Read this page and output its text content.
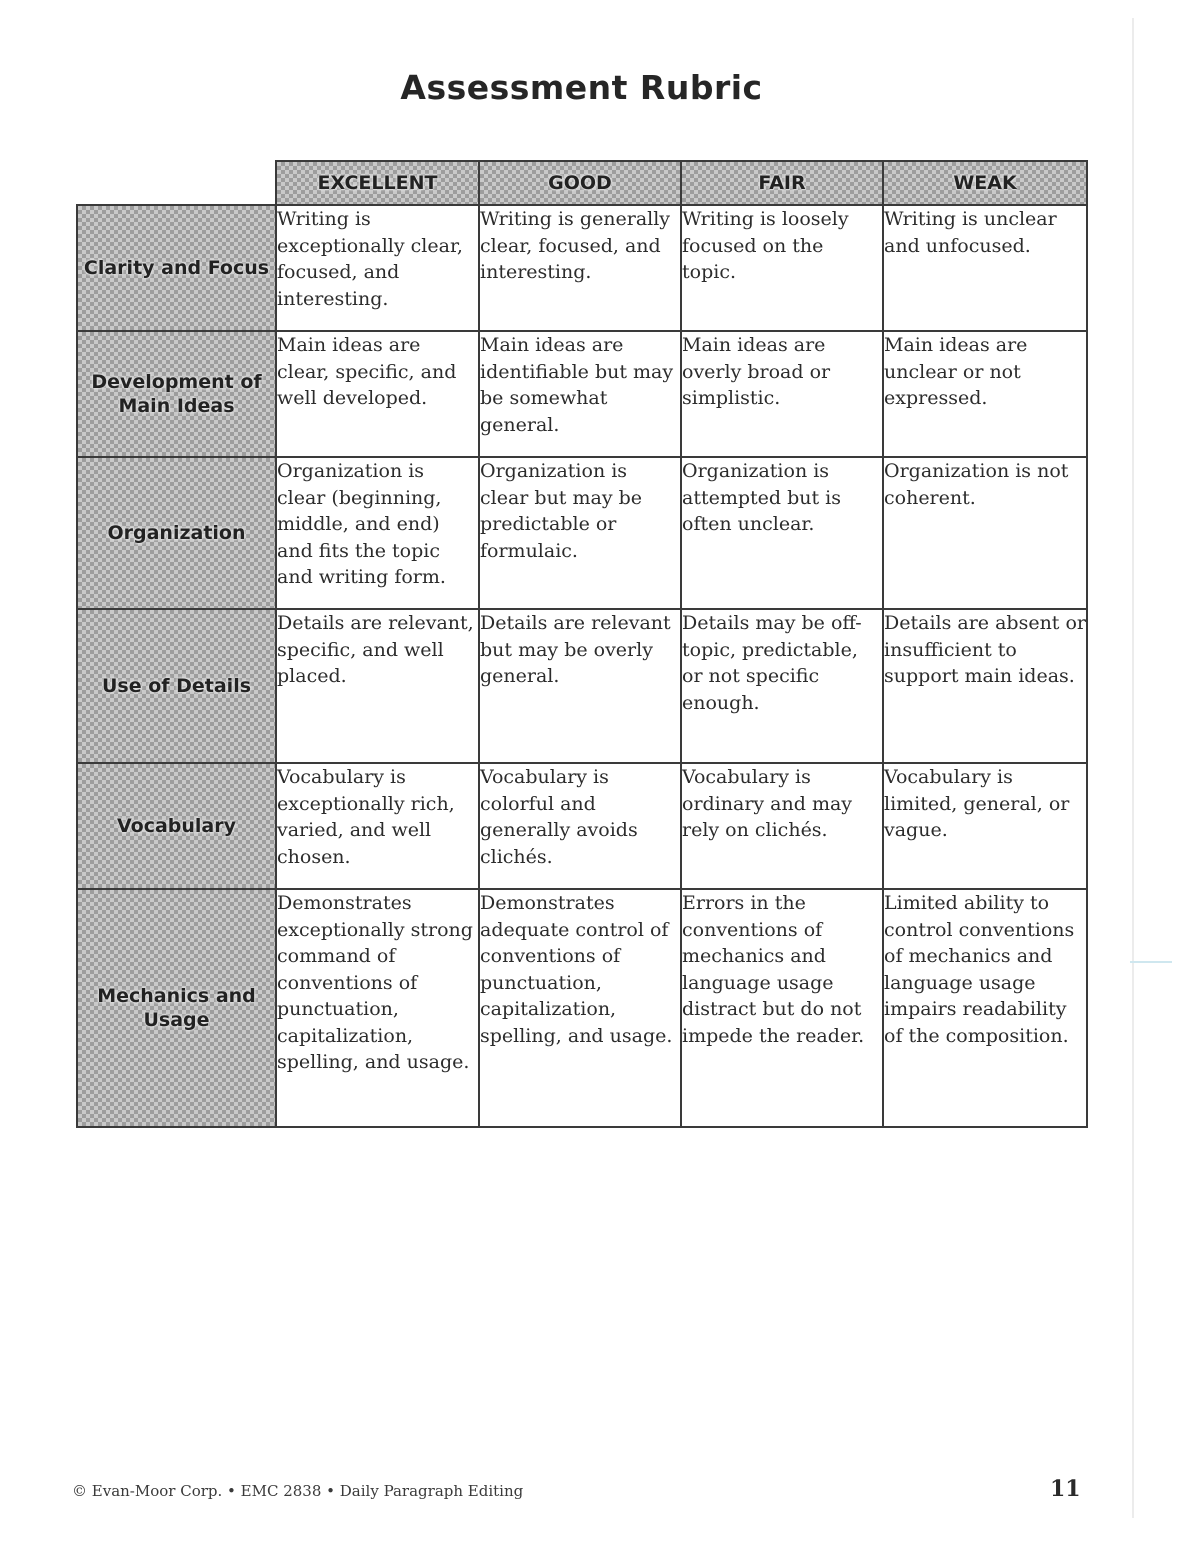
Assessment Rubric
	EXCELLENT	GOOD	FAIR	WEAK
Clarity and Focus	Writing is exceptionally clear, focused, and interesting.	Writing is generally clear, focused, and interesting.	Writing is loosely focused on the topic.	Writing is unclear and unfocused.
Development of Main Ideas	Main ideas are clear, specific, and well developed.	Main ideas are identifiable but may be somewhat general.	Main ideas are overly broad or simplistic.	Main ideas are unclear or not expressed.
Organization	Organization is clear (beginning, middle, and end) and fits the topic and writing form.	Organization is clear but may be predictable or formulaic.	Organization is attempted but is often unclear.	Organization is not coherent.
Use of Details	Details are relevant, specific, and well placed.	Details are relevant but may be overly general.	Details may be off-topic, predictable, or not specific enough.	Details are absent or insufficient to support main ideas.
Vocabulary	Vocabulary is exceptionally rich, varied, and well chosen.	Vocabulary is colorful and generally avoids clichés.	Vocabulary is ordinary and may rely on clichés.	Vocabulary is limited, general, or vague.
Mechanics and Usage	Demonstrates exceptionally strong command of conventions of punctuation, capitalization, spelling, and usage.	Demonstrates adequate control of conventions of punctuation, capitalization, spelling, and usage.	Errors in the conventions of mechanics and language usage distract but do not impede the reader.	Limited ability to control conventions of mechanics and language usage impairs readability of the composition.
© Evan-Moor Corp. • EMC 2838 • Daily Paragraph Editing	11
